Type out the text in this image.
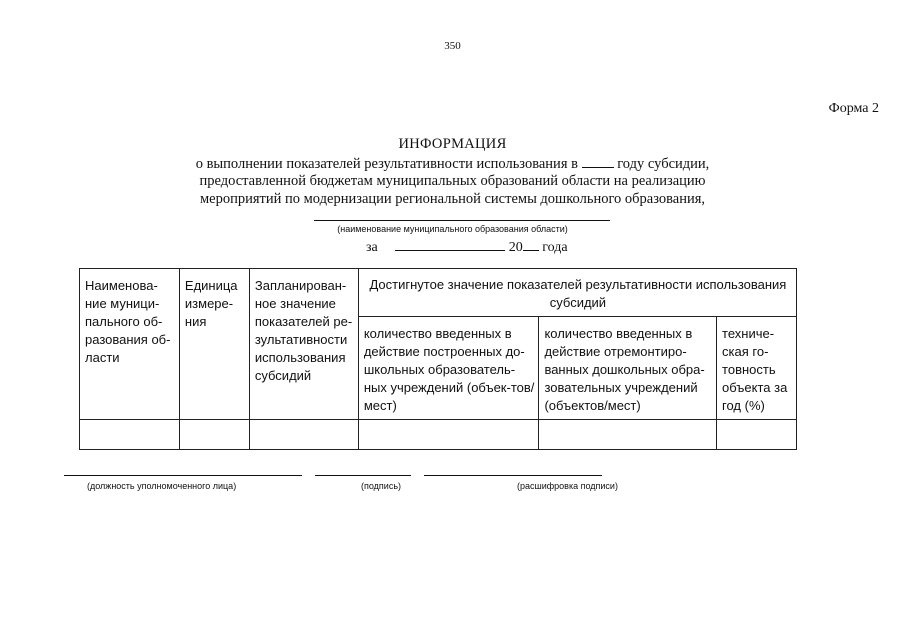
350
Форма 2
ИНФОРМАЦИЯ
о выполнении показателей результативности использования в	году субсидии,
предоставленной бюджетам муниципальных образований области на реализацию
мероприятий по модернизации региональной системы дошкольного образования,
(наименование муниципального образования области)
за	20 года
Наименова-ние муници-пального об-разования об-ласти	Единица измере-ния	Запланирован-ное значение показателей ре-зультативности использования субсидий	Достигнутое значение показателей результативности использования субсидий		
			количество введенных в действие построенных до-школьных образователь-ных учреждений (объек-тов/мест)	количество введенных в действие отремонтиро-ванных дошкольных обра-зовательных учреждений (объектов/мест)	техниче-ская го-товность объекта за год (%)

(должность уполномоченного лица)	(подпись)	(расшифровка подписи)
